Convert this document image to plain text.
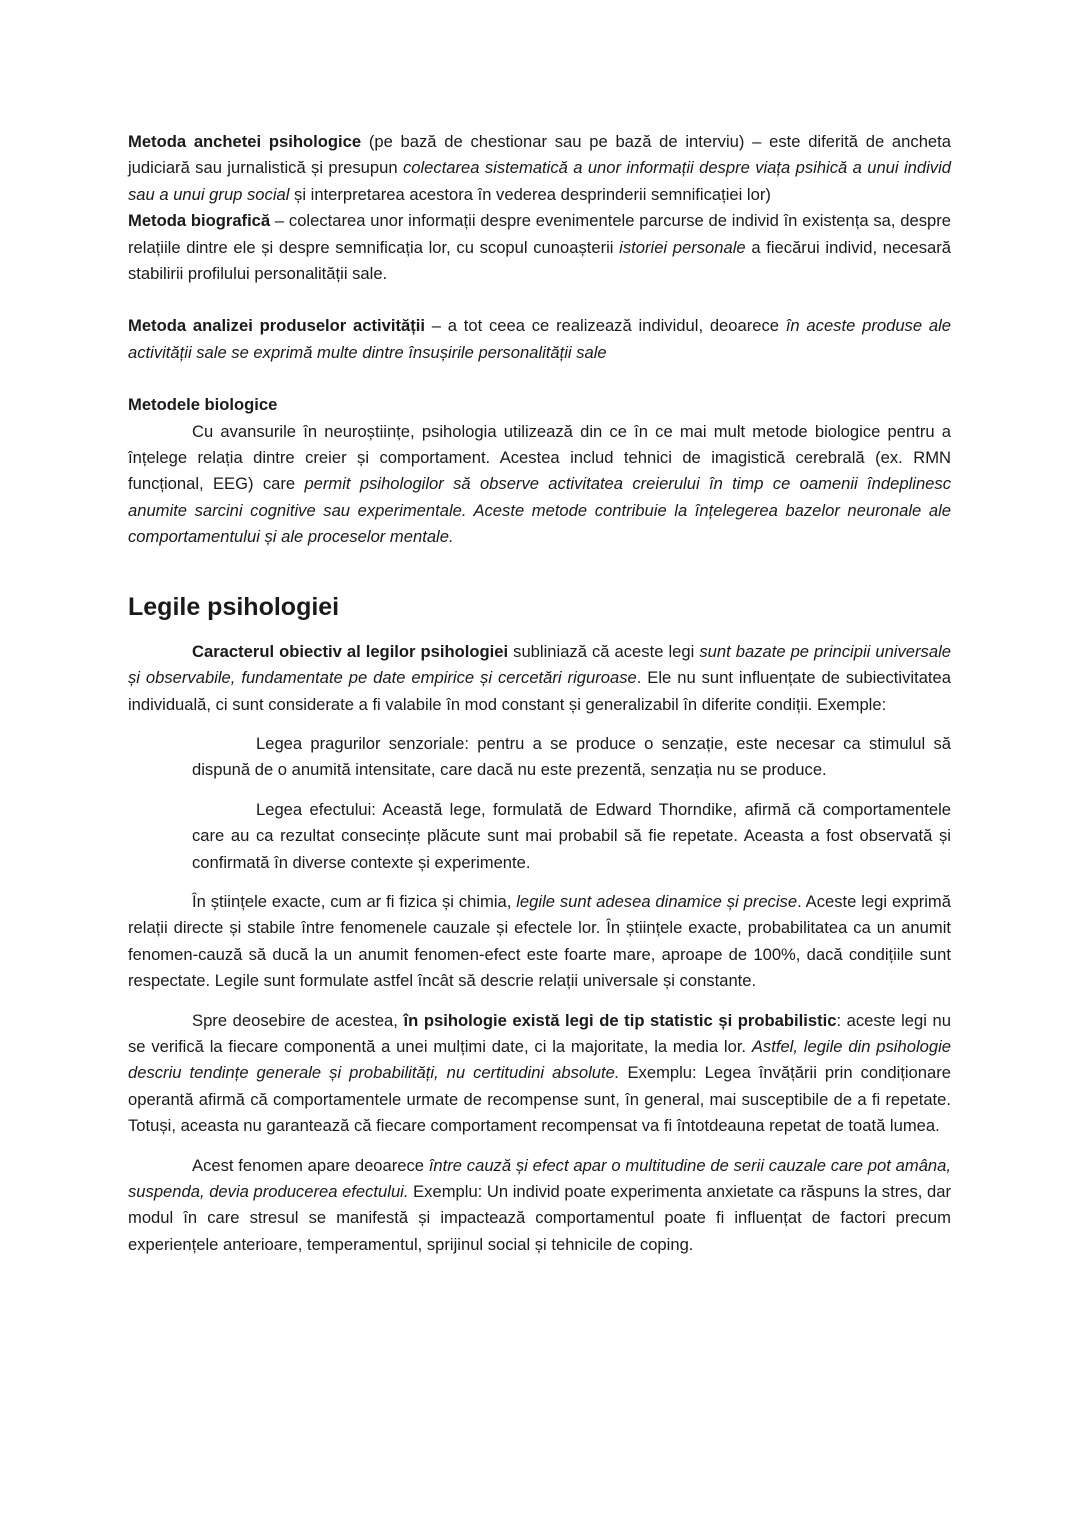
Metoda anchetei psihologice (pe bază de chestionar sau pe bază de interviu) – este diferită de ancheta judiciară sau jurnalistică și presupun colectarea sistematică a unor informații despre viața psihică a unui individ sau a unui grup social și interpretarea acestora în vederea desprinderii semnificației lor)

Metoda biografică – colectarea unor informații despre evenimentele parcurse de individ în existența sa, despre relațiile dintre ele și despre semnificația lor, cu scopul cunoașterii istoriei personale a fiecărui individ, necesară stabilirii profilului personalității sale.

Metoda analizei produselor activității – a tot ceea ce realizează individul, deoarece în aceste produse ale activității sale se exprimă multe dintre însușirile personalității sale

Metodele biologice

Cu avansurile în neuroștiințe, psihologia utilizează din ce în ce mai mult metode biologice pentru a înțelege relația dintre creier și comportament. Acestea includ tehnici de imagistică cerebrală (ex. RMN funcțional, EEG) care permit psihologilor să observe activitatea creierului în timp ce oamenii îndeplinesc anumite sarcini cognitive sau experimentale. Aceste metode contribuie la înțelegerea bazelor neuronale ale comportamentului și ale proceselor mentale.

Legile psihologiei

Caracterul obiectiv al legilor psihologiei subliniază că aceste legi sunt bazate pe principii universale și observabile, fundamentate pe date empirice și cercetări riguroase. Ele nu sunt influențate de subiectivitatea individuală, ci sunt considerate a fi valabile în mod constant și generalizabil în diferite condiții. Exemple:

Legea pragurilor senzoriale: pentru a se produce o senzație, este necesar ca stimulul să dispună de o anumită intensitate, care dacă nu este prezentă, senzația nu se produce.

Legea efectului: Această lege, formulată de Edward Thorndike, afirmă că comportamentele care au ca rezultat consecințe plăcute sunt mai probabil să fie repetate. Aceasta a fost observată și confirmată în diverse contexte și experimente.

În științele exacte, cum ar fi fizica și chimia, legile sunt adesea dinamice și precise. Aceste legi exprimă relații directe și stabile între fenomenele cauzale și efectele lor. În științele exacte, probabilitatea ca un anumit fenomen-cauză să ducă la un anumit fenomen-efect este foarte mare, aproape de 100%, dacă condițiile sunt respectate. Legile sunt formulate astfel încât să descrie relații universale și constante.

Spre deosebire de acestea, în psihologie există legi de tip statistic și probabilistic: aceste legi nu se verifică la fiecare componentă a unei mulțimi date, ci la majoritate, la media lor. Astfel, legile din psihologie descriu tendințe generale și probabilități, nu certitudini absolute. Exemplu: Legea învățării prin condiționare operantă afirmă că comportamentele urmate de recompense sunt, în general, mai susceptibile de a fi repetate. Totuși, aceasta nu garantează că fiecare comportament recompensat va fi întotdeauna repetat de toată lumea.

Acest fenomen apare deoarece între cauză și efect apar o multitudine de serii cauzale care pot amâna, suspenda, devia producerea efectului. Exemplu: Un individ poate experimenta anxietate ca răspuns la stres, dar modul în care stresul se manifestă și impactează comportamentul poate fi influențat de factori precum experiențele anterioare, temperamentul, sprijinul social și tehnicile de coping.
